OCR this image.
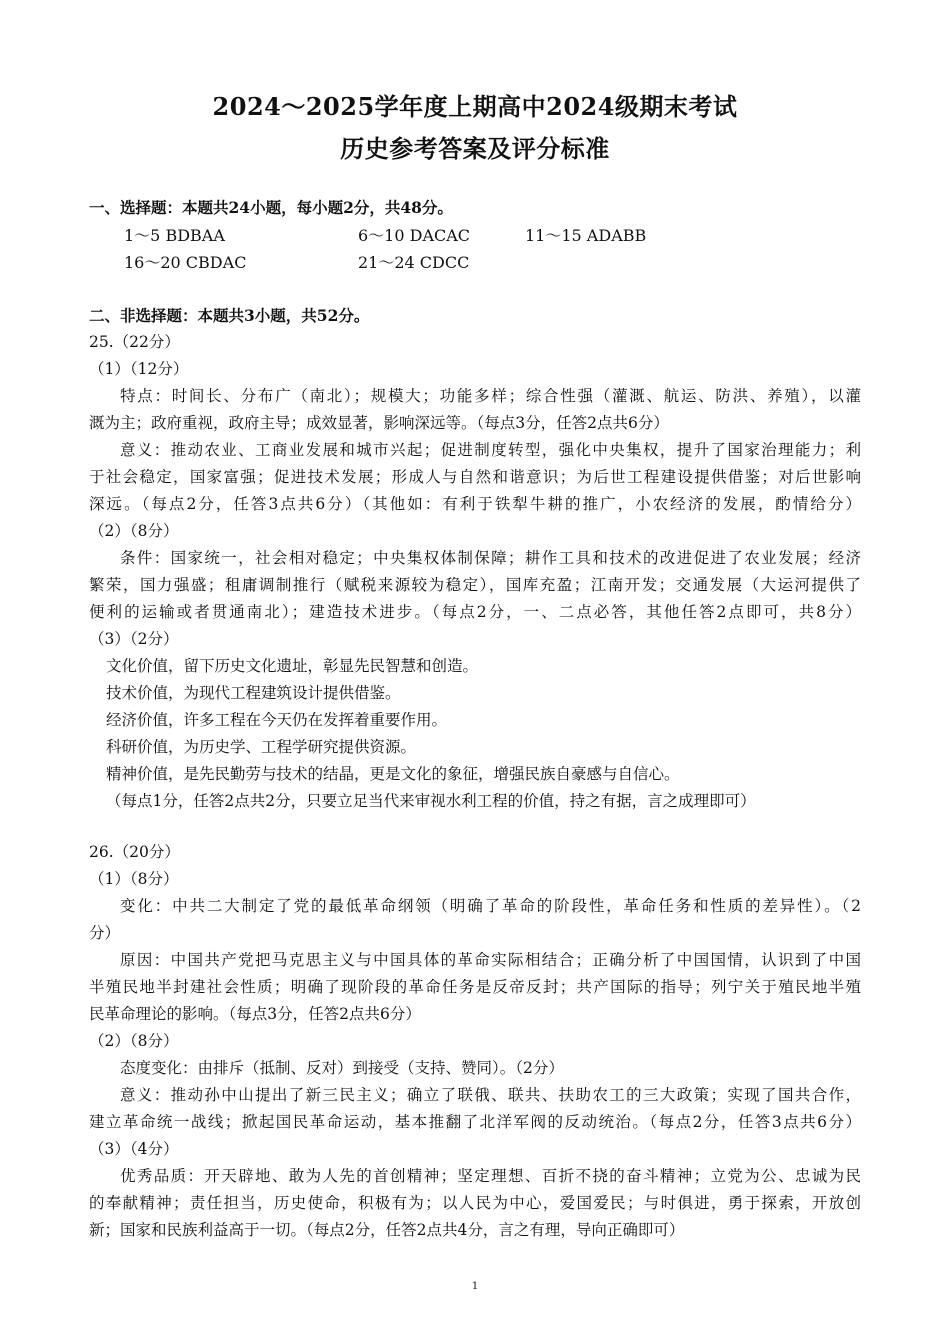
2024～2025学年度上期高中2024级期末考试
历史参考答案及评分标准
一、选择题：本题共24小题，每小题2分，共48分。
1～5 BDBAA	6～10 DACAC	11～15 ADABB
16～20 CBDAC	21～24 CDCC
二、非选择题：本题共3小题，共52分。
25.（22分）
（1）（12分）
特点：时间长、分布广（南北）；规模大；功能多样；综合性强（灌溉、航运、防洪、养殖），以灌
溉为主；政府重视，政府主导；成效显著，影响深远等。（每点3分，任答2点共6分）
意义：推动农业、工商业发展和城市兴起；促进制度转型，强化中央集权，提升了国家治理能力；利
于社会稳定，国家富强；促进技术发展；形成人与自然和谐意识；为后世工程建设提供借鉴；对后世影响
深远。（每点2分，任答3点共6分）（其他如：有利于铁犁牛耕的推广，小农经济的发展，酌情给分）
（2）（8分）
条件：国家统一，社会相对稳定；中央集权体制保障；耕作工具和技术的改进促进了农业发展；经济
繁荣，国力强盛；租庸调制推行（赋税来源较为稳定），国库充盈；江南开发；交通发展（大运河提供了
便利的运输或者贯通南北）；建造技术进步。（每点2分，一、二点必答，其他任答2点即可，共8分）
（3）（2分）
文化价值，留下历史文化遗址，彰显先民智慧和创造。
技术价值，为现代工程建筑设计提供借鉴。
经济价值，许多工程在今天仍在发挥着重要作用。
科研价值，为历史学、工程学研究提供资源。
精神价值，是先民勤劳与技术的结晶，更是文化的象征，增强民族自豪感与自信心。
（每点1分，任答2点共2分，只要立足当代来审视水利工程的价值，持之有据，言之成理即可）
26.（20分）
（1）（8分）
变化：中共二大制定了党的最低革命纲领（明确了革命的阶段性，革命任务和性质的差异性）。（2
分）
原因：中国共产党把马克思主义与中国具体的革命实际相结合；正确分析了中国国情，认识到了中国
半殖民地半封建社会性质；明确了现阶段的革命任务是反帝反封；共产国际的指导；列宁关于殖民地半殖
民革命理论的影响。（每点3分，任答2点共6分）
（2）（8分）
态度变化：由排斥（抵制、反对）到接受（支持、赞同）。（2分）
意义：推动孙中山提出了新三民主义；确立了联俄、联共、扶助农工的三大政策；实现了国共合作，
建立革命统一战线；掀起国民革命运动，基本推翻了北洋军阀的反动统治。（每点2分，任答3点共6分）
（3）（4分）
优秀品质：开天辟地、敢为人先的首创精神；坚定理想、百折不挠的奋斗精神；立党为公、忠诚为民
的奉献精神；责任担当，历史使命，积极有为；以人民为中心，爱国爱民；与时俱进，勇于探索，开放创
新；国家和民族利益高于一切。（每点2分，任答2点共4分，言之有理，导向正确即可）
1
